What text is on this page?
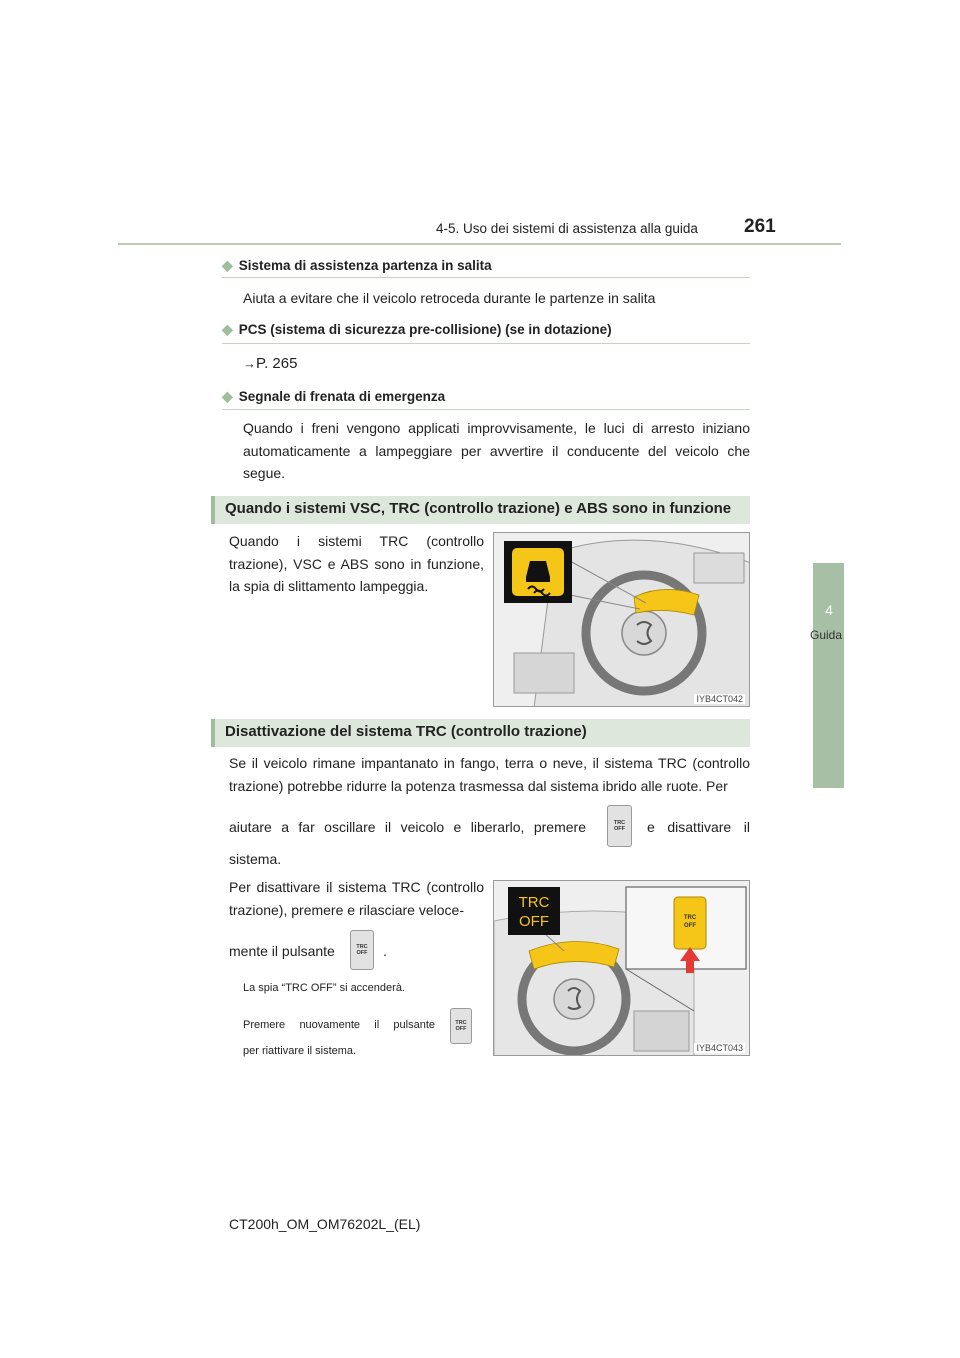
4-5. Uso dei sistemi di assistenza alla guida 261
4
Guida
◆ Sistema di assistenza partenza in salita
Aiuta a evitare che il veicolo retroceda durante le partenze in salita
◆ PCS (sistema di sicurezza pre-collisione) (se in dotazione)
→P. 265
◆ Segnale di frenata di emergenza
Quando i freni vengono applicati improvvisamente, le luci di arresto iniziano automaticamente a lampeggiare per avvertire il conducente del veicolo che segue.
Quando i sistemi VSC, TRC (controllo trazione) e ABS sono in funzione
Quando i sistemi TRC (controllo trazione), VSC e ABS sono in funzione, la spia di slittamento lampeggia.
IYB4CT042
Disattivazione del sistema TRC (controllo trazione)
Se il veicolo rimane impantanato in fango, terra o neve, il sistema TRC (controllo trazione) potrebbe ridurre la potenza trasmessa dal sistema ibrido alle ruote. Per
aiutare a far oscillare il veicolo e liberarlo, premere	TRC
OFF e disattivare il
sistema.
Per disattivare il sistema TRC (controllo trazione), premere e rilasciare veloce-
mente il pulsante	TRC
OFF .
La spia “TRC OFF” si accenderà.
Premere nuovamente il pulsante	TRC
OFF
per riattivare il sistema.
TRC
OFF	TRC
OFF
IYB4CT043
CT200h_OM_OM76202L_(EL)
